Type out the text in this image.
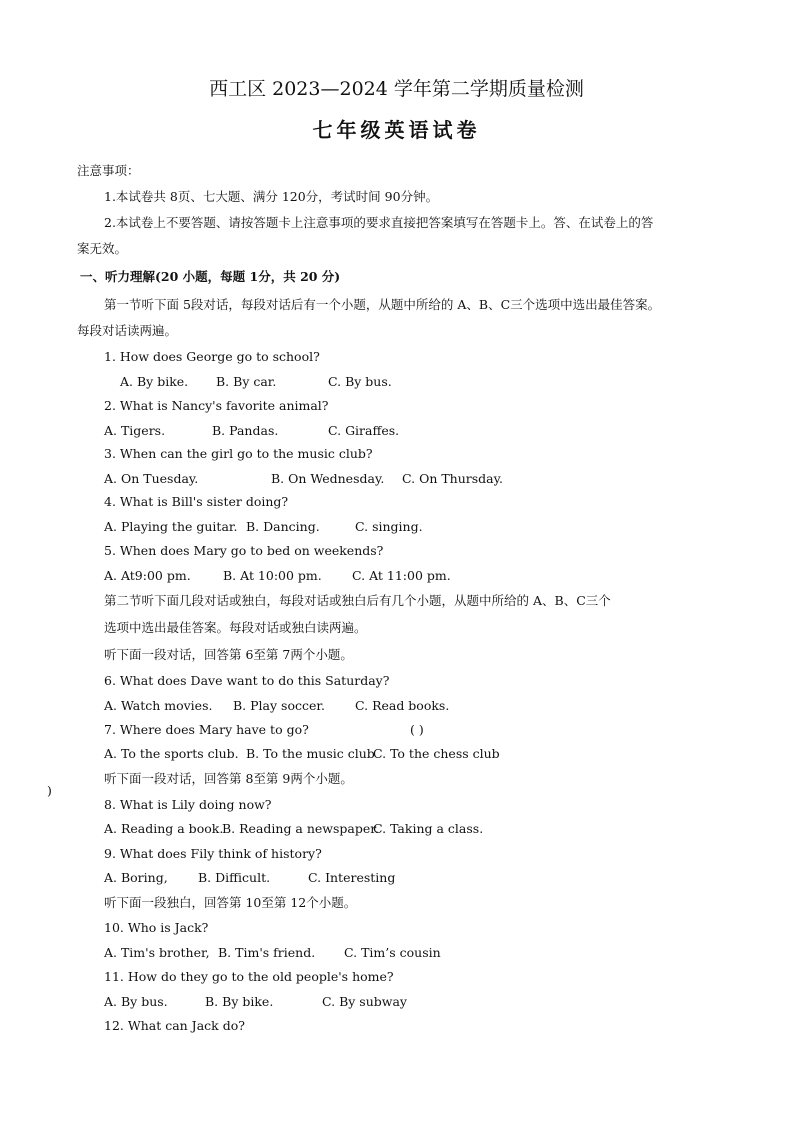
西工区 2023—2024 学年第二学期质量检测
七年级英语试卷
注意事项：
1.本试卷共 8页、七大题、满分 120分，考试时间 90分钟。
2.本试卷上不要答题、请按答题卡上注意事项的要求直接把答案填写在答题卡上。答、在试卷上的答
案无效。
一、听力理解(20 小题，每题 1分，共 20 分)
第一节听下面 5段对话，每段对话后有一个小题，从题中所给的 A、B、C三个选项中选出最佳答案。
每段对话读两遍。
1. How does George go to school?
A. By bike. B. By car.	C. By bus.
2. What is Nancy's favorite animal?
A. Tigers.	B. Pandas.	C. Giraffes.
3. When can the girl go to the music club?
A. On Tuesday.	B. On Wednesday. C. On Thursday.
4. What is Bill's sister doing?
A. Playing the guitar. B. Dancing.	C. singing.
5. When does Mary go to bed on weekends?
A. At9:00 pm.	B. At 10:00 pm. C. At 11:00 pm.
第二节听下面几段对话或独白，每段对话或独白后有几个小题，从题中所给的 A、B、C三个
选项中选出最佳答案。每段对话或独白读两遍。
听下面一段对话，回答第 6至第 7两个小题。
6. What does Dave want to do this Saturday?
A. Watch movies. B. Play soccer. C. Read books.
7. Where does Mary have to go?	( )
A. To the sports club. B. To the music club
C. To the chess club
听下面一段对话，回答第 8至第 9两个小题。
)
8. What is Lily doing now?
A. Reading a book.
B. Reading a newspaper.
C. Taking a class.
9. What does Fily think of history?
A. Boring, B. Difficult.	C. Interesting
听下面一段独白，回答第 10至第 12个小题。
10. Who is Jack?
A. Tim's brother, B. Tim's friend. C. Tim’s cousin
11. How do they go to the old people's home?
A. By bus.	B. By bike.	C. By subway
12. What can Jack do?
